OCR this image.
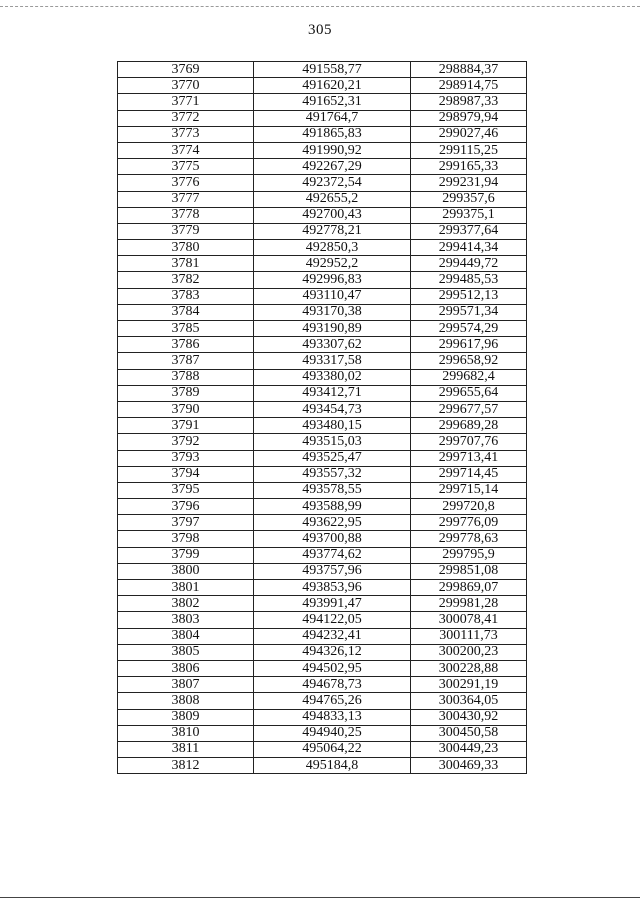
305
3769	491558,77	298884,37
3770	491620,21	298914,75
3771	491652,31	298987,33
3772	491764,7	298979,94
3773	491865,83	299027,46
3774	491990,92	299115,25
3775	492267,29	299165,33
3776	492372,54	299231,94
3777	492655,2	299357,6
3778	492700,43	299375,1
3779	492778,21	299377,64
3780	492850,3	299414,34
3781	492952,2	299449,72
3782	492996,83	299485,53
3783	493110,47	299512,13
3784	493170,38	299571,34
3785	493190,89	299574,29
3786	493307,62	299617,96
3787	493317,58	299658,92
3788	493380,02	299682,4
3789	493412,71	299655,64
3790	493454,73	299677,57
3791	493480,15	299689,28
3792	493515,03	299707,76
3793	493525,47	299713,41
3794	493557,32	299714,45
3795	493578,55	299715,14
3796	493588,99	299720,8
3797	493622,95	299776,09
3798	493700,88	299778,63
3799	493774,62	299795,9
3800	493757,96	299851,08
3801	493853,96	299869,07
3802	493991,47	299981,28
3803	494122,05	300078,41
3804	494232,41	300111,73
3805	494326,12	300200,23
3806	494502,95	300228,88
3807	494678,73	300291,19
3808	494765,26	300364,05
3809	494833,13	300430,92
3810	494940,25	300450,58
3811	495064,22	300449,23
3812	495184,8	300469,33
